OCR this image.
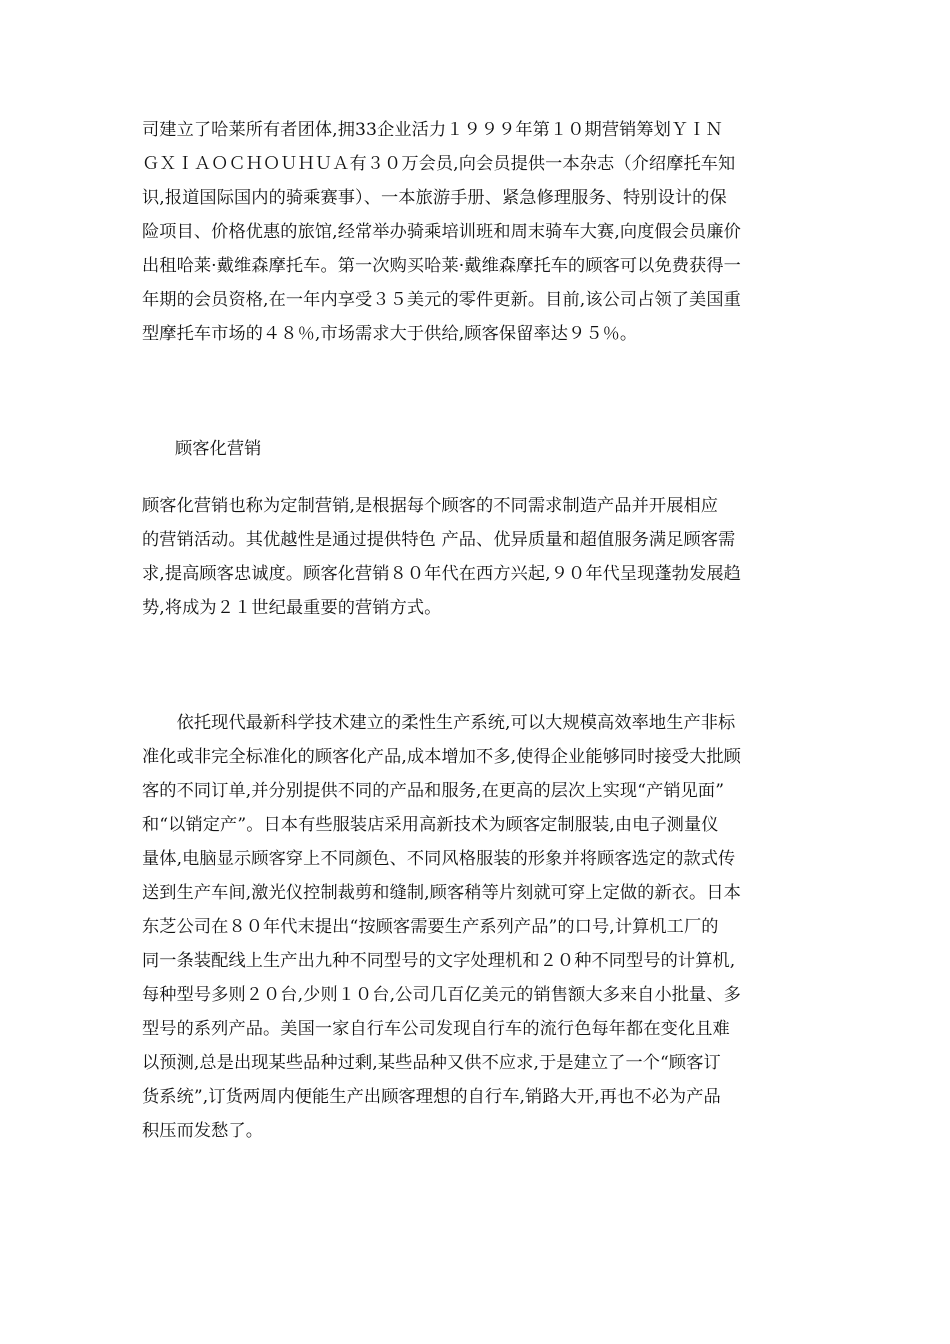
司建立了哈莱所有者团体,拥33企业活力１９９９年第１０期营销筹划ＹＩＮ
ＧＸＩＡＯＣＨＯＵＨＵＡ有３０万会员,向会员提供一本杂志（介绍摩托车知
识,报道国际国内的骑乘赛事）、一本旅游手册、紧急修理服务、特别设计的保
险项目、价格优惠的旅馆,经常举办骑乘培训班和周末骑车大赛,向度假会员廉价
出租哈莱·戴维森摩托车。第一次购买哈莱·戴维森摩托车的顾客可以免费获得一
年期的会员资格,在一年内享受３５美元的零件更新。目前,该公司占领了美国重
型摩托车市场的４８％,市场需求大于供给,顾客保留率达９５％。
顾客化营销
顾客化营销也称为定制营销,是根据每个顾客的不同需求制造产品并开展相应
的营销活动。其优越性是通过提供特色 产品、优异质量和超值服务满足顾客需
求,提高顾客忠诚度。顾客化营销８０年代在西方兴起,９０年代呈现蓬勃发展趋
势,将成为２１世纪最重要的营销方式。
　　依托现代最新科学技术建立的柔性生产系统,可以大规模高效率地生产非标
准化或非完全标准化的顾客化产品,成本增加不多,使得企业能够同时接受大批顾
客的不同订单,并分别提供不同的产品和服务,在更高的层次上实现“产销见面”
和“以销定产”。日本有些服装店采用高新技术为顾客定制服装,由电子测量仪
量体,电脑显示顾客穿上不同颜色、不同风格服装的形象并将顾客选定的款式传
送到生产车间,激光仪控制裁剪和缝制,顾客稍等片刻就可穿上定做的新衣。日本
东芝公司在８０年代末提出“按顾客需要生产系列产品”的口号,计算机工厂的
同一条装配线上生产出九种不同型号的文字处理机和２０种不同型号的计算机,
每种型号多则２０台,少则１０台,公司几百亿美元的销售额大多来自小批量、多
型号的系列产品。美国一家自行车公司发现自行车的流行色每年都在变化且难
以预测,总是出现某些品种过剩,某些品种又供不应求,于是建立了一个“顾客订
货系统”,订货两周内便能生产出顾客理想的自行车,销路大开,再也不必为产品
积压而发愁了。
